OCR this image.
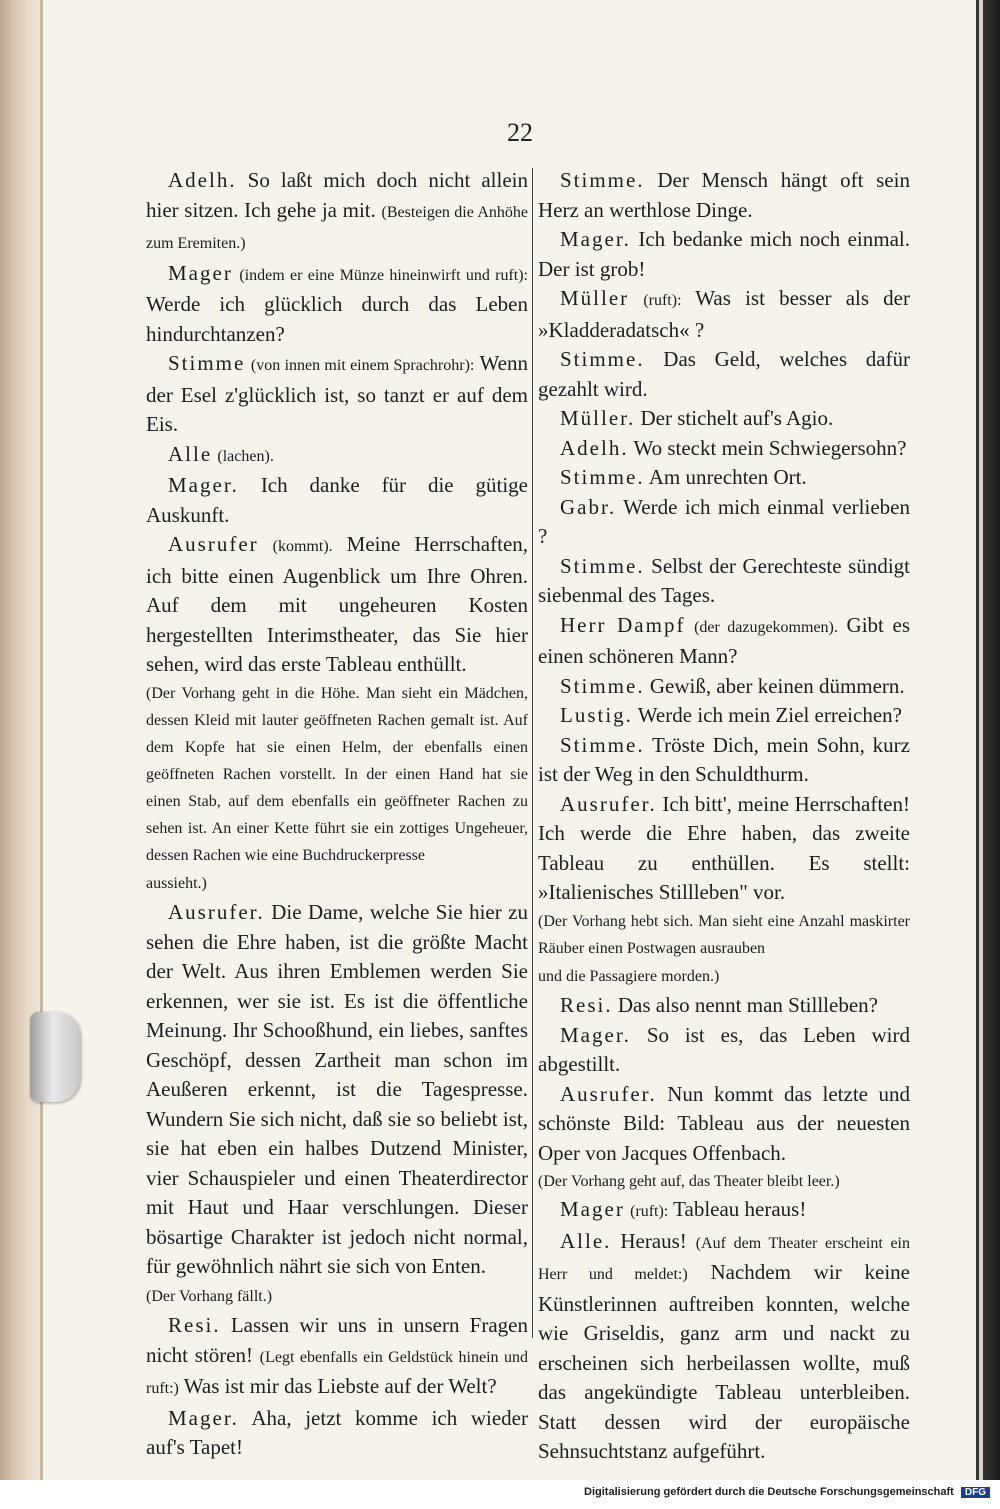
22

Adelh. So laßt mich doch nicht allein hier sitzen. Ich gehe ja mit. (Besteigen die Anhöhe zum Eremiten.)

Mager (indem er eine Münze hineinwirft und ruft): Werde ich glücklich durch das Leben hindurchtanzen?

Stimme (von innen mit einem Sprachrohr): Wenn der Esel z'glücklich ist, so tanzt er auf dem Eis.

Alle (lachen).

Mager. Ich danke für die gütige Auskunft.

Ausrufer (kommt). Meine Herrschaften, ich bitte einen Augenblick um Ihre Ohren. Auf dem mit ungeheuren Kosten hergestellten Interimstheater, das Sie hier sehen, wird das erste Tableau enthüllt.

(Der Vorhang geht in die Höhe. Man sieht ein Mädchen, dessen Kleid mit lauter geöffneten Rachen gemalt ist. Auf dem Kopfe hat sie einen Helm, der ebenfalls einen geöffneten Rachen vorstellt. In der einen Hand hat sie einen Stab, auf dem ebenfalls ein geöffneter Rachen zu sehen ist. An einer Kette führt sie ein zottiges Ungeheuer, dessen Rachen wie eine Buchdruckerpresse

aussieht.)

Ausrufer. Die Dame, welche Sie hier zu sehen die Ehre haben, ist die größte Macht der Welt. Aus ihren Emblemen werden Sie erkennen, wer sie ist. Es ist die öffentliche Meinung. Ihr Schooßhund, ein liebes, sanftes Geschöpf, dessen Zartheit man schon im Aeußeren erkennt, ist die Tagespresse. Wundern Sie sich nicht, daß sie so beliebt ist, sie hat eben ein halbes Dutzend Minister, vier Schauspieler und einen Theaterdirector mit Haut und Haar verschlungen. Dieser bösartige Charakter ist jedoch nicht normal, für gewöhnlich nährt sie sich von Enten.

(Der Vorhang fällt.)

Resi. Lassen wir uns in unsern Fragen nicht stören! (Legt ebenfalls ein Geldstück hinein und ruft:) Was ist mir das Liebste auf der Welt?

Mager. Aha, jetzt komme ich wieder auf's Tapet!

Stimme. Der Mensch hängt oft sein Herz an werthlose Dinge.

Mager. Ich bedanke mich noch einmal. Der ist grob!

Müller (ruft): Was ist besser als der »Kladderadatsch« ?

Stimme. Das Geld, welches dafür gezahlt wird.

Müller. Der stichelt auf's Agio.

Adelh. Wo steckt mein Schwiegersohn?

Stimme. Am unrechten Ort.

Gabr. Werde ich mich einmal verlieben ?

Stimme. Selbst der Gerechteste sündigt siebenmal des Tages.

Herr Dampf (der dazugekommen). Gibt es einen schöneren Mann?

Stimme. Gewiß, aber keinen dümmern.

Lustig. Werde ich mein Ziel erreichen?

Stimme. Tröste Dich, mein Sohn, kurz ist der Weg in den Schuldthurm.

Ausrufer. Ich bitt', meine Herrschaften! Ich werde die Ehre haben, das zweite Tableau zu enthüllen. Es stellt: »Italienisches Stillleben" vor.

(Der Vorhang hebt sich. Man sieht eine Anzahl maskirter Räuber einen Postwagen ausrauben

und die Passagiere morden.)

Resi. Das also nennt man Stillleben?

Mager. So ist es, das Leben wird abgestillt.

Ausrufer. Nun kommt das letzte und schönste Bild: Tableau aus der neuesten Oper von Jacques Offenbach.

(Der Vorhang geht auf, das Theater bleibt leer.)

Mager (ruft): Tableau heraus!

Alle. Heraus! (Auf dem Theater erscheint ein Herr und meldet:) Nachdem wir keine Künstlerinnen auftreiben konnten, welche wie Griseldis, ganz arm und nackt zu erscheinen sich herbeilassen wollte, muß das angekündigte Tableau unterbleiben. Statt dessen wird der europäische Sehnsuchtstanz aufgeführt.

Digitalisierung gefördert durch die Deutsche Forschungsgemeinschaft DFG
